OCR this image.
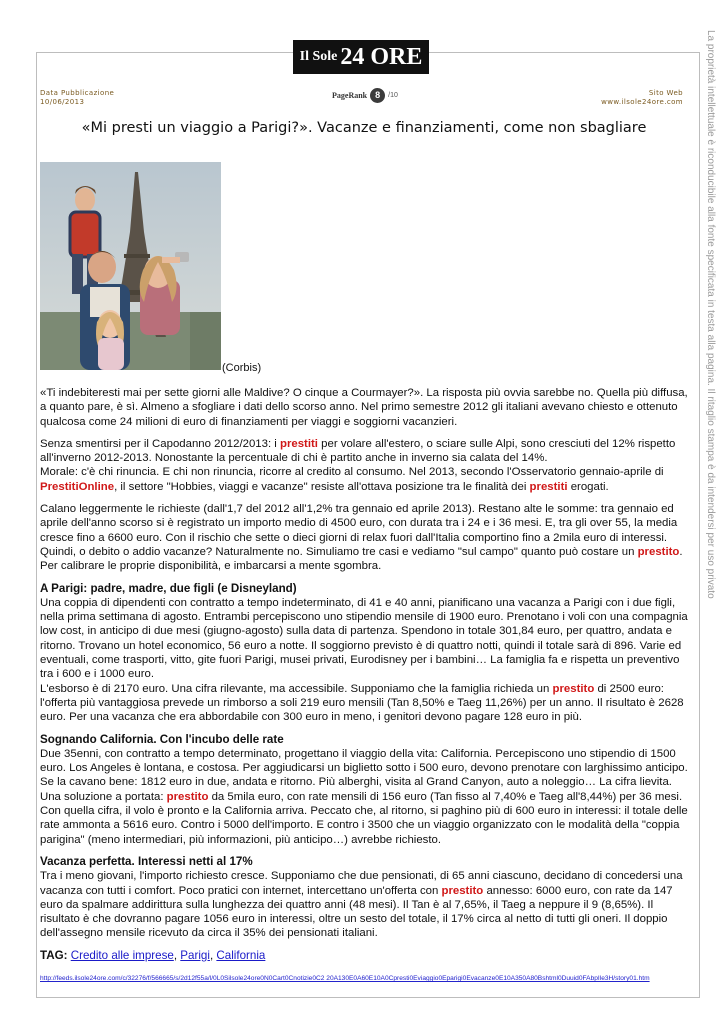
Il Sole 24 ORE
Data Pubblicazione
10/06/2013
PageRank 8	/10	Sito Web
www.ilsole24ore.com
«Mi presti un viaggio a Parigi?». Vacanze e finanziamenti, come non sbagliare
(Corbis)

«Ti indebiteresti mai per sette giorni alle Maldive? O cinque a Courmayer?». La risposta più ovvia sarebbe no. Quella più diffusa, a quanto pare, è sì. Almeno a sfogliare i dati dello scorso anno. Nel primo semestre 2012 gli italiani avevano chiesto e ottenuto qualcosa come 24 milioni di euro di finanziamenti per viaggi e soggiorni vacanzieri.

Senza smentirsi per il Capodanno 2012/2013: i prestiti per volare all'estero, o sciare sulle Alpi, sono cresciuti del 12% rispetto all'inverno 2012-2013. Nonostante la percentuale di chi è partito anche in inverno sia calata del 14%.
Morale: c'è chi rinuncia. E chi non rinuncia, ricorre al credito al consumo. Nel 2013, secondo l'Osservatorio gennaio-aprile di PrestitiOnline, il settore "Hobbies, viaggi e vacanze" resiste all'ottava posizione tra le finalità dei prestiti erogati.

Calano leggermente le richieste (dall'1,7 del 2012 all'1,2% tra gennaio ed aprile 2013). Restano alte le somme: tra gennaio ed aprile dell'anno scorso si è registrato un importo medio di 4500 euro, con durata tra i 24 e i 36 mesi. E, tra gli over 55, la media cresce fino a 6600 euro. Con il rischio che sette o dieci giorni di relax fuori dall'Italia comportino fino a 2mila euro di interessi.
Quindi, o debito o addio vacanze? Naturalmente no. Simuliamo tre casi e vediamo "sul campo" quanto può costare un prestito. Per calibrare le proprie disponibilità, e imbarcarsi a mente sgombra.

A Parigi: padre, madre, due figli (e Disneyland)
Una coppia di dipendenti con contratto a tempo indeterminato, di 41 e 40 anni, pianificano una vacanza a Parigi con i due figli, nella prima settimana di agosto. Entrambi percepiscono uno stipendio mensile di 1900 euro. Prenotano i voli con una compagnia low cost, in anticipo di due mesi (giugno-agosto) sulla data di partenza. Spendono in totale 301,84 euro, per quattro, andata e ritorno. Trovano un hotel economico, 56 euro a notte. Il soggiorno previsto è di quattro notti, quindi il totale sarà di 896. Varie ed eventuali, come trasporti, vitto, gite fuori Parigi, musei privati, Eurodisney per i bambini… La famiglia fa e rispetta un preventivo tra i 600 e i 1000 euro.
L'esborso è di 2170 euro. Una cifra rilevante, ma accessibile. Supponiamo che la famiglia richieda un prestito di 2500 euro: l'offerta più vantaggiosa prevede un rimborso a soli 219 euro mensili (Tan 8,50% e Taeg 11,26%) per un anno. Il risultato è 2628 euro. Per una vacanza che era abbordabile con 300 euro in meno, i genitori devono pagare 128 euro in più.
Sognando California. Con l'incubo delle rate
Due 35enni, con contratto a tempo determinato, progettano il viaggio della vita: California. Percepiscono uno stipendio di 1500 euro. Los Angeles è lontana, e costosa. Per aggiudicarsi un biglietto sotto i 500 euro, devono prenotare con larghissimo anticipo. Se la cavano bene: 1812 euro in due, andata e ritorno. Più alberghi, visita al Grand Canyon, auto a noleggio… La cifra lievita.
Una soluzione a portata: prestito da 5mila euro, con rate mensili di 156 euro (Tan fisso al 7,40% e Taeg all'8,44%) per 36 mesi. Con quella cifra, il volo è pronto e la California arriva. Peccato che, al ritorno, si paghino più di 600 euro in interessi: il totale delle rate ammonta a 5616 euro. Contro i 5000 dell'importo. E contro i 3500 che un viaggio organizzato con le modalità della "coppia parigina" (meno intermediari, più informazioni, più anticipo…) avrebbe richiesto.
Vacanza perfetta. Interessi netti al 17%
Tra i meno giovani, l'importo richiesto cresce. Supponiamo che due pensionati, di 65 anni ciascuno, decidano di concedersi una vacanza con tutti i comfort. Poco pratici con internet, intercettano un'offerta con prestito annesso: 6000 euro, con rate da 147 euro da spalmare addirittura sulla lunghezza dei quattro anni (48 mesi). Il Tan è al 7,65%, il Taeg a neppure il 9 (8,65%). Il risultato è che dovranno pagare 1056 euro in interessi, oltre un sesto del totale, il 17% circa al netto di tutti gli oneri. Il doppio dell'assegno mensile ricevuto da circa il 35% dei pensionati italiani.
TAG: Credito alle imprese, Parigi, California
http://feeds.ilsole24ore.com/c/32276/f/566665/s/2d12f55a/l/0L0Silsole24ore0N0Cart0Cnotizie0C2 20A130E0A60E10A0Cpresti0Eviaggio0Eparigi0Evacanze0E10A350A80Bshtml0Duuid0FAbpIle3H/story01.htm
La proprietà intellettuale è riconducibile alla fonte specificata in testa alla pagina. Il ritaglio stampa è da intendersi per uso privato
